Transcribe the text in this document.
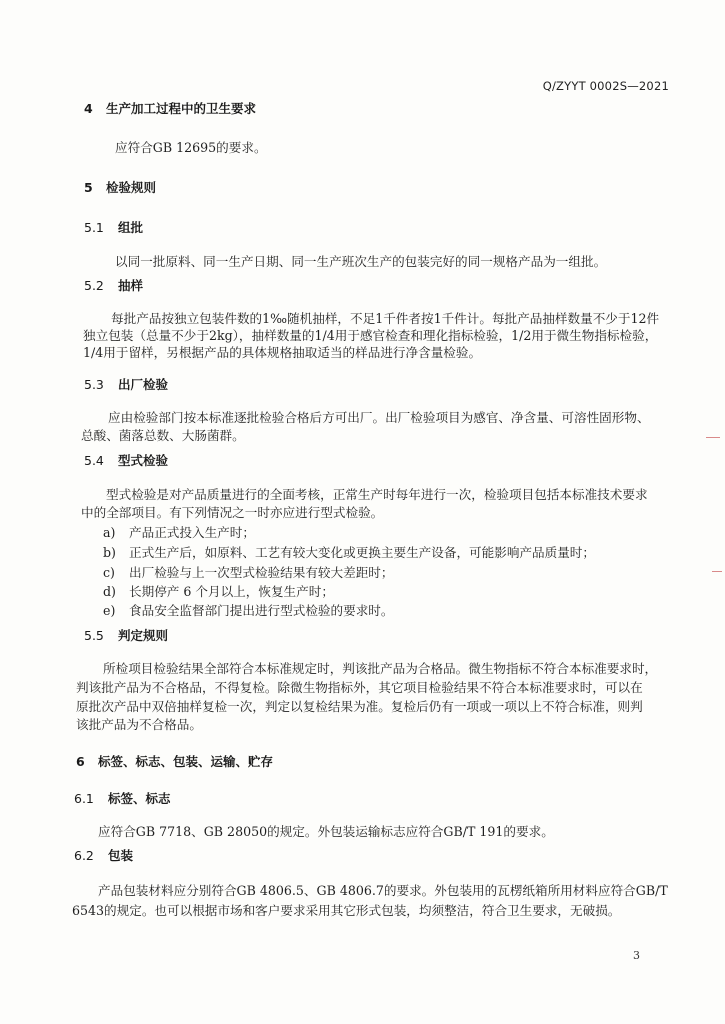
Q/ZYYT 0002S—2021
4 生产加工过程中的卫生要求
应符合GB 12695的要求。
5 检验规则
5.1 组批
以同一批原料、同一生产日期、同一生产班次生产的包装完好的同一规格产品为一组批。
5.2 抽样
每批产品按独立包装件数的1‰随机抽样，不足1千件者按1千件计。每批产品抽样数量不少于12件
独立包装（总量不少于2kg），抽样数量的1/4用于感官检查和理化指标检验，1/2用于微生物指标检验，
1/4用于留样，另根据产品的具体规格抽取适当的样品进行净含量检验。
5.3 出厂检验
应由检验部门按本标准逐批检验合格后方可出厂。出厂检验项目为感官、净含量、可溶性固形物、
总酸、菌落总数、大肠菌群。
5.4 型式检验
型式检验是对产品质量进行的全面考核，正常生产时每年进行一次，检验项目包括本标准技术要求
中的全部项目。有下列情况之一时亦应进行型式检验。
a) 产品正式投入生产时；
b) 正式生产后，如原料、工艺有较大变化或更换主要生产设备，可能影响产品质量时；
c) 出厂检验与上一次型式检验结果有较大差距时；
d) 长期停产 6 个月以上，恢复生产时；
e) 食品安全监督部门提出进行型式检验的要求时。
5.5 判定规则
所检项目检验结果全部符合本标准规定时，判该批产品为合格品。微生物指标不符合本标准要求时，
判该批产品为不合格品，不得复检。除微生物指标外，其它项目检验结果不符合本标准要求时，可以在
原批次产品中双倍抽样复检一次，判定以复检结果为准。复检后仍有一项或一项以上不符合标准，则判
该批产品为不合格品。
6 标签、标志、包装、运输、贮存
6.1 标签、标志
应符合GB 7718、GB 28050的规定。外包装运输标志应符合GB/T 191的要求。
6.2 包装
产品包装材料应分别符合GB 4806.5、GB 4806.7的要求。外包装用的瓦楞纸箱所用材料应符合GB/T
6543的规定。也可以根据市场和客户要求采用其它形式包装，均须整洁，符合卫生要求，无破损。
3
